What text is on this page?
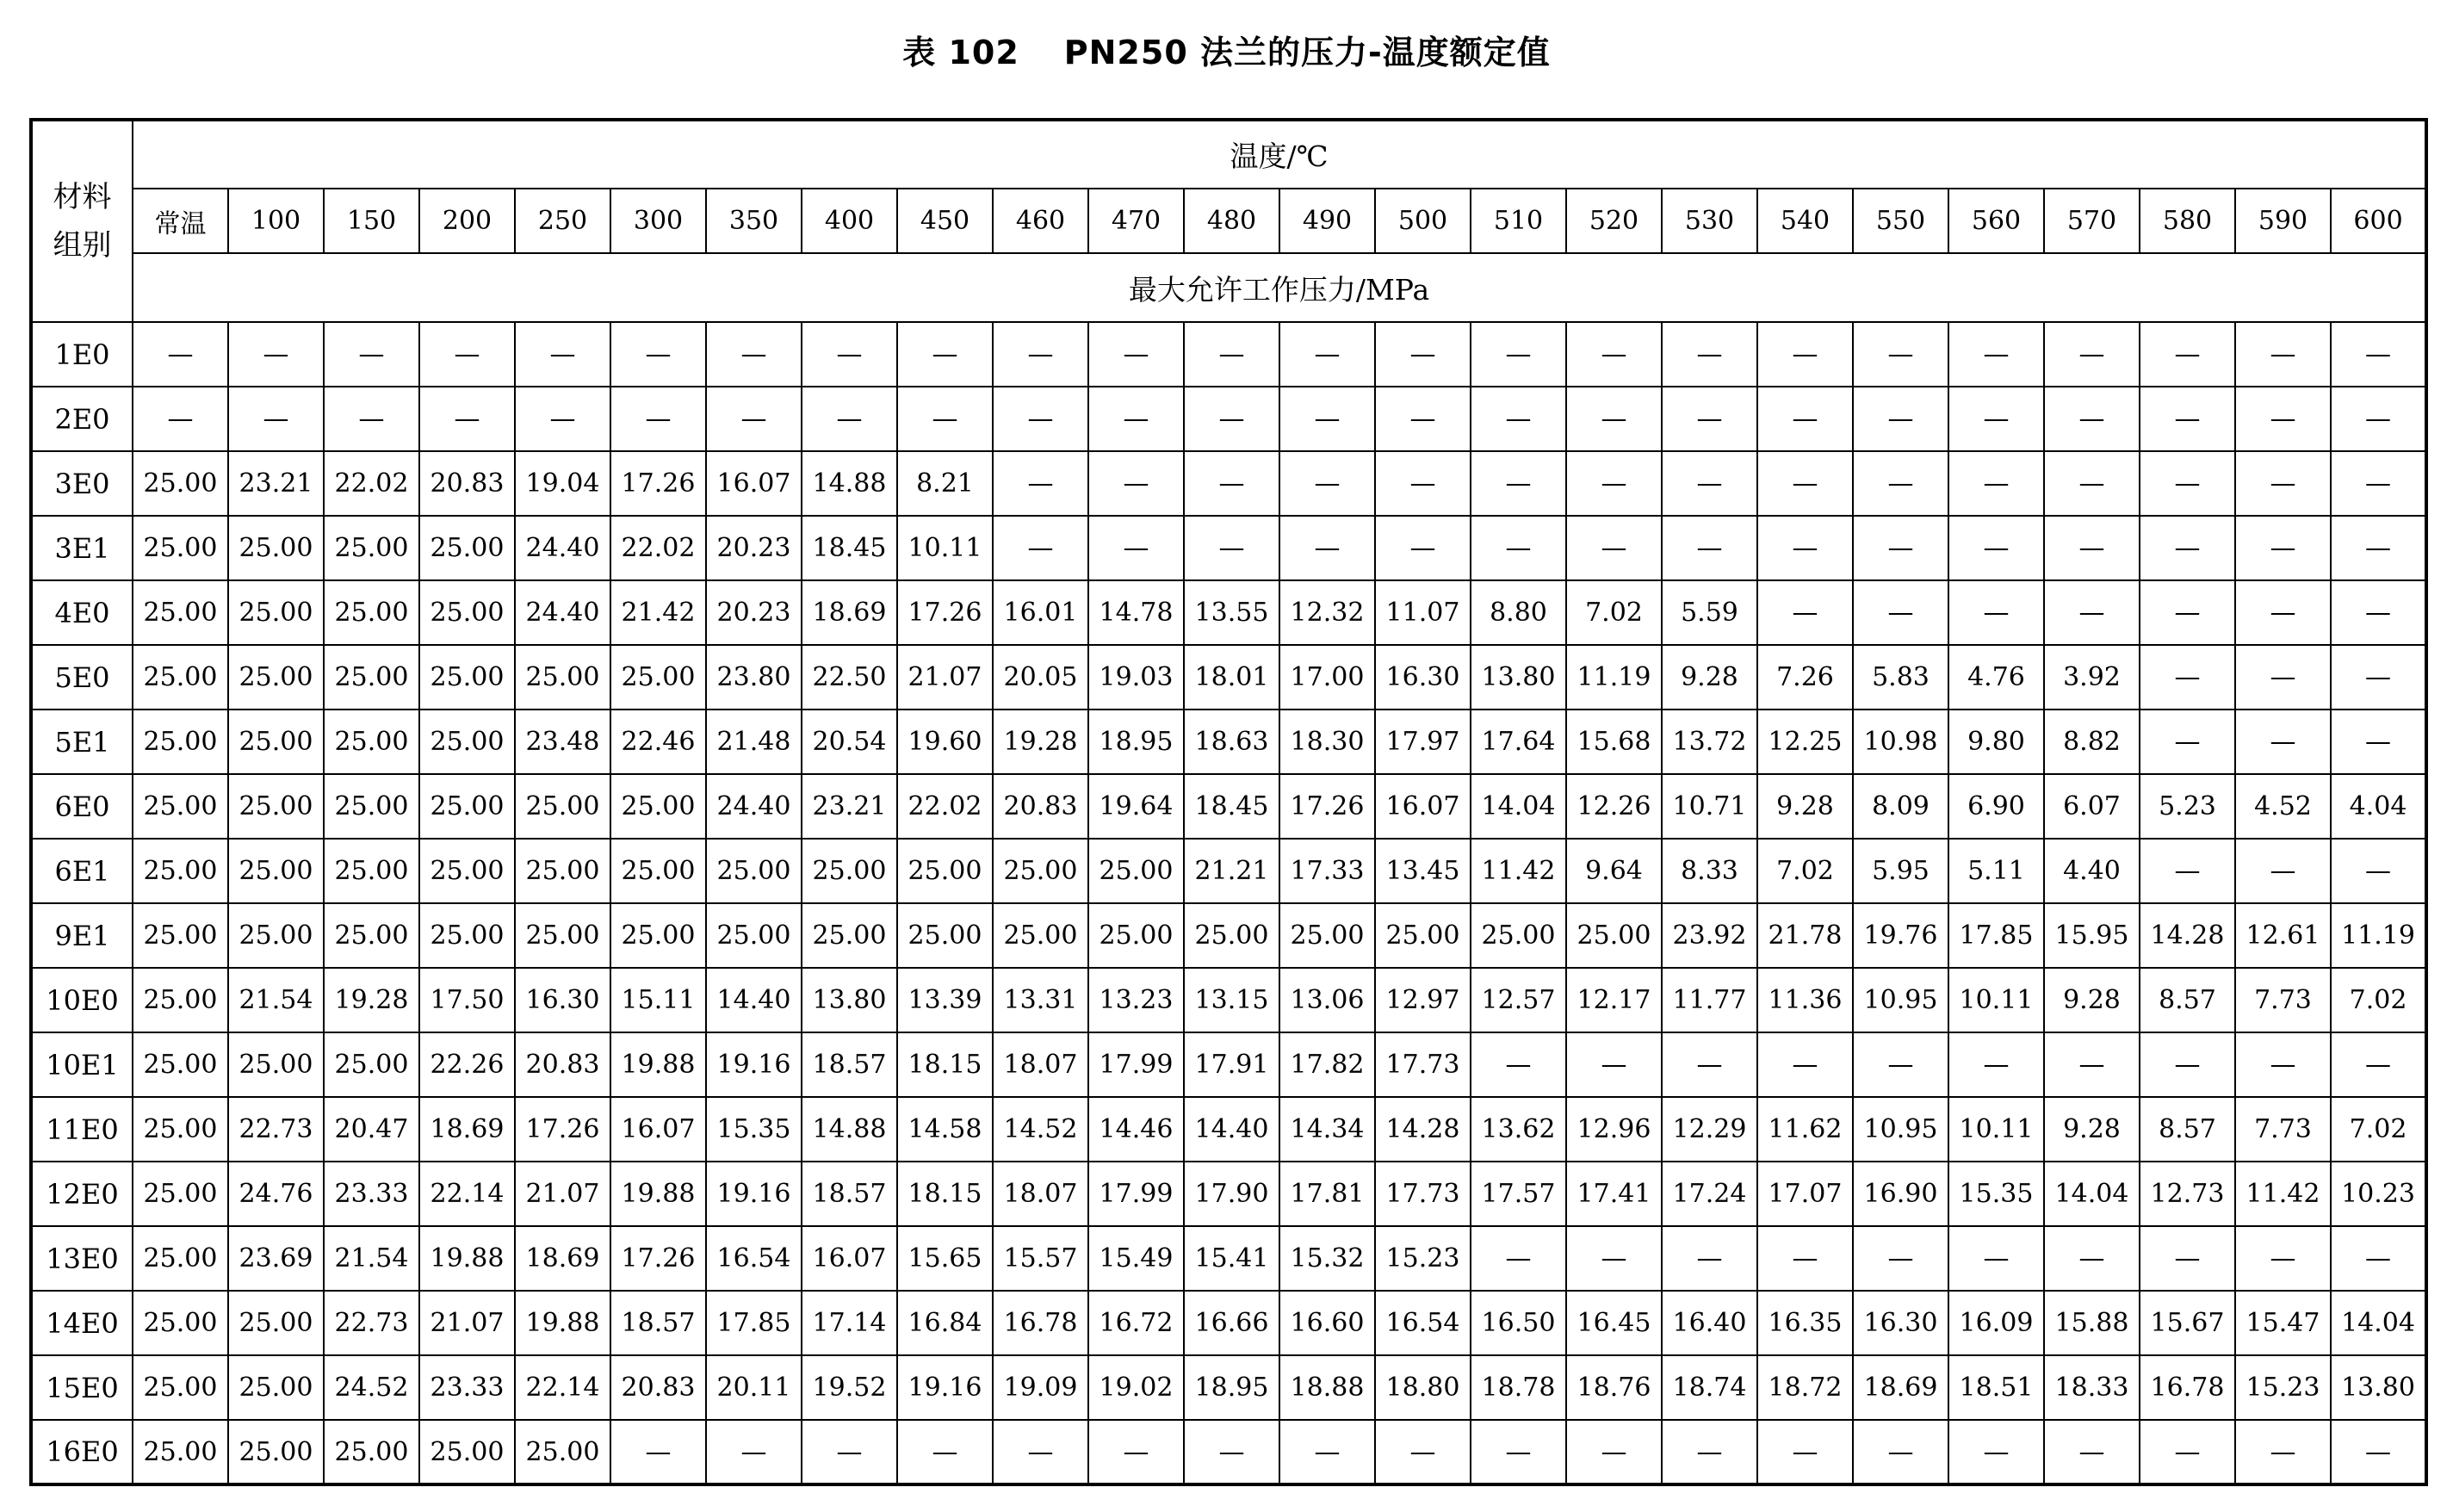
表 102 PN250 法兰的压力-温度额定值
材料
组别	温度/℃																							
	常温	100	150	200	250	300	350	400	450	460	470	480	490	500	510	520	530	540	550	560	570	580	590	600
	最大允许工作压力/MPa																							
1E0	—	—	—	—	—	—	—	—	—	—	—	—	—	—	—	—	—	—	—	—	—	—	—	—
2E0	—	—	—	—	—	—	—	—	—	—	—	—	—	—	—	—	—	—	—	—	—	—	—	—
3E0	25.00	23.21	22.02	20.83	19.04	17.26	16.07	14.88	8.21	—	—	—	—	—	—	—	—	—	—	—	—	—	—	—
3E1	25.00	25.00	25.00	25.00	24.40	22.02	20.23	18.45	10.11	—	—	—	—	—	—	—	—	—	—	—	—	—	—	—
4E0	25.00	25.00	25.00	25.00	24.40	21.42	20.23	18.69	17.26	16.01	14.78	13.55	12.32	11.07	8.80	7.02	5.59	—	—	—	—	—	—	—
5E0	25.00	25.00	25.00	25.00	25.00	25.00	23.80	22.50	21.07	20.05	19.03	18.01	17.00	16.30	13.80	11.19	9.28	7.26	5.83	4.76	3.92	—	—	—
5E1	25.00	25.00	25.00	25.00	23.48	22.46	21.48	20.54	19.60	19.28	18.95	18.63	18.30	17.97	17.64	15.68	13.72	12.25	10.98	9.80	8.82	—	—	—
6E0	25.00	25.00	25.00	25.00	25.00	25.00	24.40	23.21	22.02	20.83	19.64	18.45	17.26	16.07	14.04	12.26	10.71	9.28	8.09	6.90	6.07	5.23	4.52	4.04
6E1	25.00	25.00	25.00	25.00	25.00	25.00	25.00	25.00	25.00	25.00	25.00	21.21	17.33	13.45	11.42	9.64	8.33	7.02	5.95	5.11	4.40	—	—	—
9E1	25.00	25.00	25.00	25.00	25.00	25.00	25.00	25.00	25.00	25.00	25.00	25.00	25.00	25.00	25.00	25.00	23.92	21.78	19.76	17.85	15.95	14.28	12.61	11.19
10E0	25.00	21.54	19.28	17.50	16.30	15.11	14.40	13.80	13.39	13.31	13.23	13.15	13.06	12.97	12.57	12.17	11.77	11.36	10.95	10.11	9.28	8.57	7.73	7.02
10E1	25.00	25.00	25.00	22.26	20.83	19.88	19.16	18.57	18.15	18.07	17.99	17.91	17.82	17.73	—	—	—	—	—	—	—	—	—	—
11E0	25.00	22.73	20.47	18.69	17.26	16.07	15.35	14.88	14.58	14.52	14.46	14.40	14.34	14.28	13.62	12.96	12.29	11.62	10.95	10.11	9.28	8.57	7.73	7.02
12E0	25.00	24.76	23.33	22.14	21.07	19.88	19.16	18.57	18.15	18.07	17.99	17.90	17.81	17.73	17.57	17.41	17.24	17.07	16.90	15.35	14.04	12.73	11.42	10.23
13E0	25.00	23.69	21.54	19.88	18.69	17.26	16.54	16.07	15.65	15.57	15.49	15.41	15.32	15.23	—	—	—	—	—	—	—	—	—	—
14E0	25.00	25.00	22.73	21.07	19.88	18.57	17.85	17.14	16.84	16.78	16.72	16.66	16.60	16.54	16.50	16.45	16.40	16.35	16.30	16.09	15.88	15.67	15.47	14.04
15E0	25.00	25.00	24.52	23.33	22.14	20.83	20.11	19.52	19.16	19.09	19.02	18.95	18.88	18.80	18.78	18.76	18.74	18.72	18.69	18.51	18.33	16.78	15.23	13.80
16E0	25.00	25.00	25.00	25.00	25.00	—	—	—	—	—	—	—	—	—	—	—	—	—	—	—	—	—	—	—
